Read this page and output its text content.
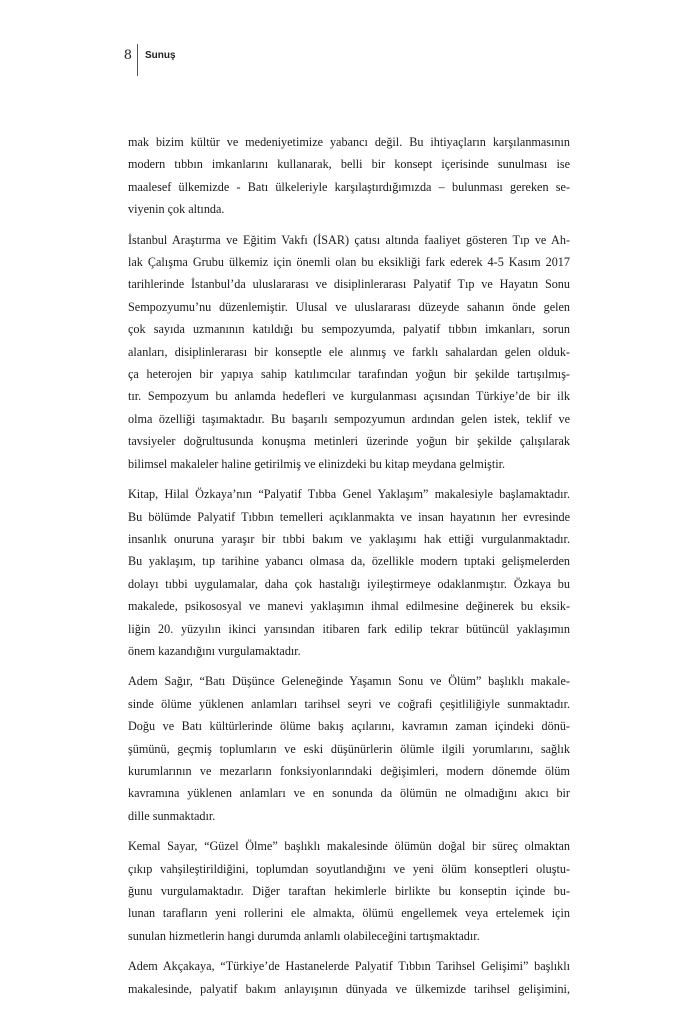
8 Sunuş

mak bizim kültür ve medeniyetimize yabancı değil. Bu ihtiyaçların karşılanmasının
modern tıbbın imkanlarını kullanarak, belli bir konsept içerisinde sunulması ise
maalesef ülkemizde - Batı ülkeleriyle karşılaştırdığımızda – bulunması gereken se-
viyenin çok altında.

İstanbul Araştırma ve Eğitim Vakfı (İSAR) çatısı altında faaliyet gösteren Tıp ve Ah-
lak Çalışma Grubu ülkemiz için önemli olan bu eksikliği fark ederek 4-5 Kasım 2017
tarihlerinde İstanbul’da uluslararası ve disiplinlerarası Palyatif Tıp ve Hayatın Sonu
Sempozyumu’nu düzenlemiştir. Ulusal ve uluslararası düzeyde sahanın önde gelen
çok sayıda uzmanının katıldığı bu sempozyumda, palyatif tıbbın imkanları, sorun
alanları, disiplinlerarası bir konseptle ele alınmış ve farklı sahalardan gelen olduk-
ça heterojen bir yapıya sahip katılımcılar tarafından yoğun bir şekilde tartışılmış-
tır. Sempozyum bu anlamda hedefleri ve kurgulanması açısından Türkiye’de bir ilk
olma özelliği taşımaktadır. Bu başarılı sempozyumun ardından gelen istek, teklif ve
tavsiyeler doğrultusunda konuşma metinleri üzerinde yoğun bir şekilde çalışılarak
bilimsel makaleler haline getirilmiş ve elinizdeki bu kitap meydana gelmiştir.

Kitap, Hilal Özkaya’nın “Palyatif Tıbba Genel Yaklaşım” makalesiyle başlamaktadır.
Bu bölümde Palyatif Tıbbın temelleri açıklanmakta ve insan hayatının her evresinde
insanlık onuruna yaraşır bir tıbbi bakım ve yaklaşımı hak ettiği vurgulanmaktadır.
Bu yaklaşım, tıp tarihine yabancı olmasa da, özellikle modern tıptaki gelişmelerden
dolayı tıbbi uygulamalar, daha çok hastalığı iyileştirmeye odaklanmıştır. Özkaya bu
makalede, psikososyal ve manevi yaklaşımın ihmal edilmesine değinerek bu eksik-
liğin 20. yüzyılın ikinci yarısından itibaren fark edilip tekrar bütüncül yaklaşımın
önem kazandığını vurgulamaktadır.

Adem Sağır, “Batı Düşünce Geleneğinde Yaşamın Sonu ve Ölüm” başlıklı makale-
sinde ölüme yüklenen anlamları tarihsel seyri ve coğrafi çeşitliliğiyle sunmaktadır.
Doğu ve Batı kültürlerinde ölüme bakış açılarını, kavramın zaman içindeki dönü-
şümünü, geçmiş toplumların ve eski düşünürlerin ölümle ilgili yorumlarını, sağlık
kurumlarının ve mezarların fonksiyonlarındaki değişimleri, modern dönemde ölüm
kavramına yüklenen anlamları ve en sonunda da ölümün ne olmadığını akıcı bir
dille sunmaktadır.

Kemal Sayar, “Güzel Ölme” başlıklı makalesinde ölümün doğal bir süreç olmaktan
çıkıp vahşileştirildiğini, toplumdan soyutlandığını ve yeni ölüm konseptleri oluştu-
ğunu vurgulamaktadır. Diğer taraftan hekimlerle birlikte bu konseptin içinde bu-
lunan tarafların yeni rollerini ele almakta, ölümü engellemek veya ertelemek için
sunulan hizmetlerin hangi durumda anlamlı olabileceğini tartışmaktadır.

Adem Akçakaya, “Türkiye’de Hastanelerde Palyatif Tıbbın Tarihsel Gelişimi” başlıklı
makalesinde, palyatif bakım anlayışının dünyada ve ülkemizde tarihsel gelişimini,
